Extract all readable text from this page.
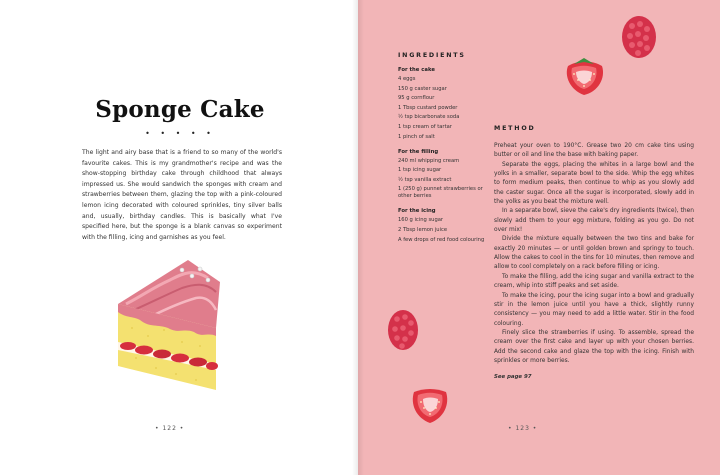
Sponge Cake
• • • • •
The light and airy base that is a friend to so many of the world's favourite cakes. This is my grandmother's recipe and was the show-stopping birthday cake through childhood that always impressed us. She would sandwich the sponges with cream and strawberries between them, glazing the top with a pink-coloured lemon icing decorated with coloured sprinkles, tiny silver balls and, usually, birthday candles. This is basically what I've specified here, but the sponge is a blank canvas so experiment with the filling, icing and garnishes as you feel.
• 122 •
INGREDIENTS
For the cake
4 eggs
150 g caster sugar
95 g cornflour
1 Tbsp custard powder
½ tsp bicarbonate soda
1 tsp cream of tartar
1 pinch of salt
For the filling
240 ml whipping cream
1 tsp icing sugar
½ tsp vanilla extract
1 (250 g) punnet strawberries or other berries
For the icing
160 g icing sugar
2 Tbsp lemon juice
A few drops of red food colouring
METHOD

Preheat your oven to 190°C. Grease two 20 cm cake tins using butter or oil and line the base with baking paper.

Separate the eggs, placing the whites in a large bowl and the yolks in a smaller, separate bowl to the side. Whip the egg whites to form medium peaks, then continue to whip as you slowly add the caster sugar. Once all the sugar is incorporated, slowly add in the yolks as you beat the mixture well.

In a separate bowl, sieve the cake's dry ingredients (twice), then slowly add them to your egg mixture, folding as you go. Do not over mix!

Divide the mixture equally between the two tins and bake for exactly 20 minutes — or until golden brown and springy to touch. Allow the cakes to cool in the tins for 10 minutes, then remove and allow to cool completely on a rack before filling or icing.

To make the filling, add the icing sugar and vanilla extract to the cream, whip into stiff peaks and set aside.

To make the icing, pour the icing sugar into a bowl and gradually stir in the lemon juice until you have a thick, slightly runny consistency — you may need to add a little water. Stir in the food colouring.

Finely slice the strawberries if using. To assemble, spread the cream over the first cake and layer up with your chosen berries. Add the second cake and glaze the top with the icing. Finish with sprinkles or more berries.

See page 97
• 123 •
